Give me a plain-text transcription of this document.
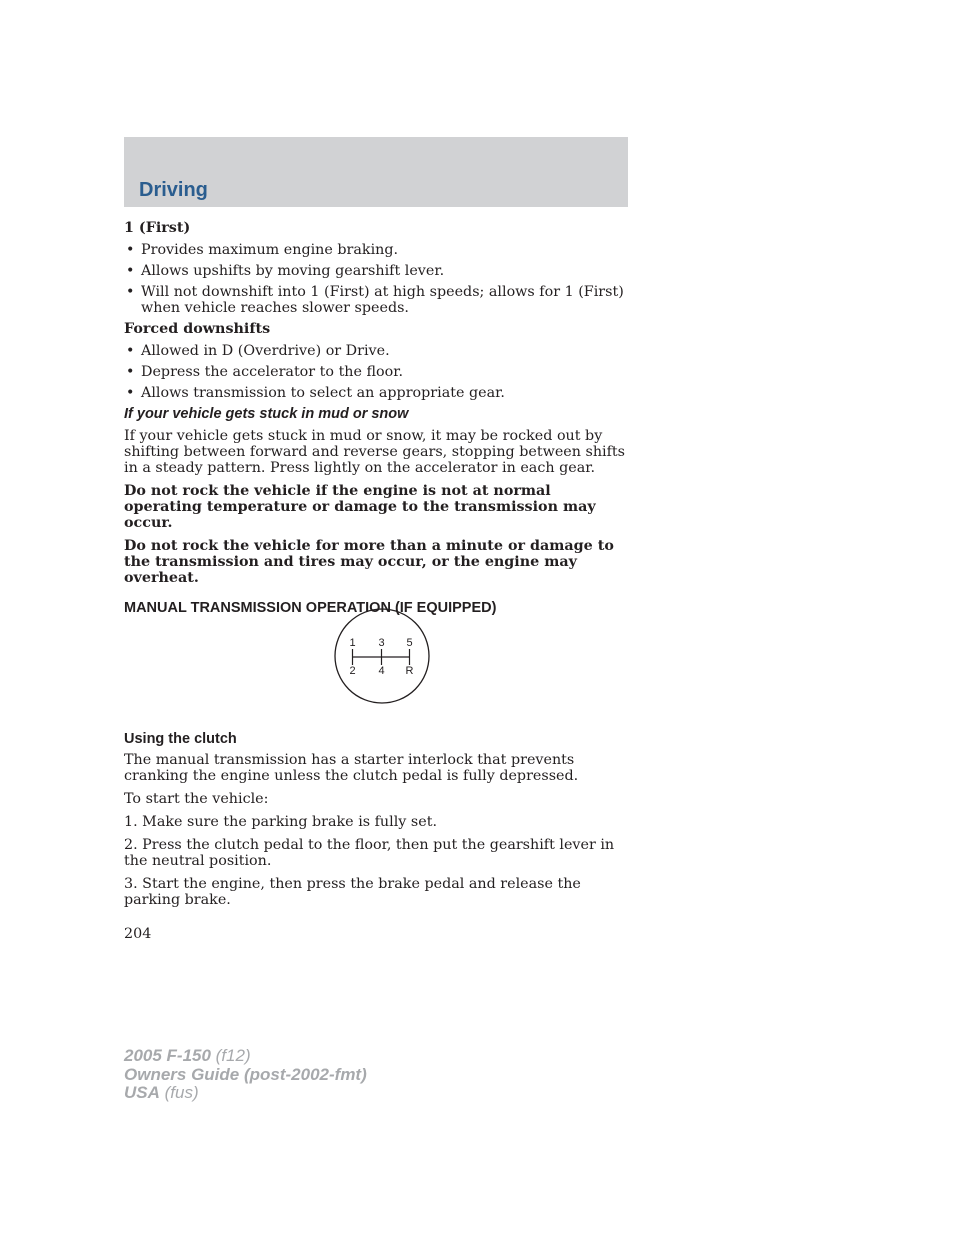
Driving

1 (First)

• Provides maximum engine braking.
• Allows upshifts by moving gearshift lever.
• Will not downshift into 1 (First) at high speeds; allows for 1 (First) when vehicle reaches slower speeds.

Forced downshifts

• Allowed in D (Overdrive) or Drive.
• Depress the accelerator to the floor.
• Allows transmission to select an appropriate gear.

If your vehicle gets stuck in mud or snow

If your vehicle gets stuck in mud or snow, it may be rocked out by shifting between forward and reverse gears, stopping between shifts in a steady pattern. Press lightly on the accelerator in each gear.

Do not rock the vehicle if the engine is not at normal operating temperature or damage to the transmission may occur.

Do not rock the vehicle for more than a minute or damage to the transmission and tires may occur, or the engine may overheat.

MANUAL TRANSMISSION OPERATION (IF EQUIPPED)

1 3 5
2 4 R

Using the clutch

The manual transmission has a starter interlock that prevents cranking the engine unless the clutch pedal is fully depressed.

To start the vehicle:

1. Make sure the parking brake is fully set.

2. Press the clutch pedal to the floor, then put the gearshift lever in the neutral position.

3. Start the engine, then press the brake pedal and release the parking brake.

204
2005 F-150 (f12)
Owners Guide (post-2002-fmt)
USA (fus)
